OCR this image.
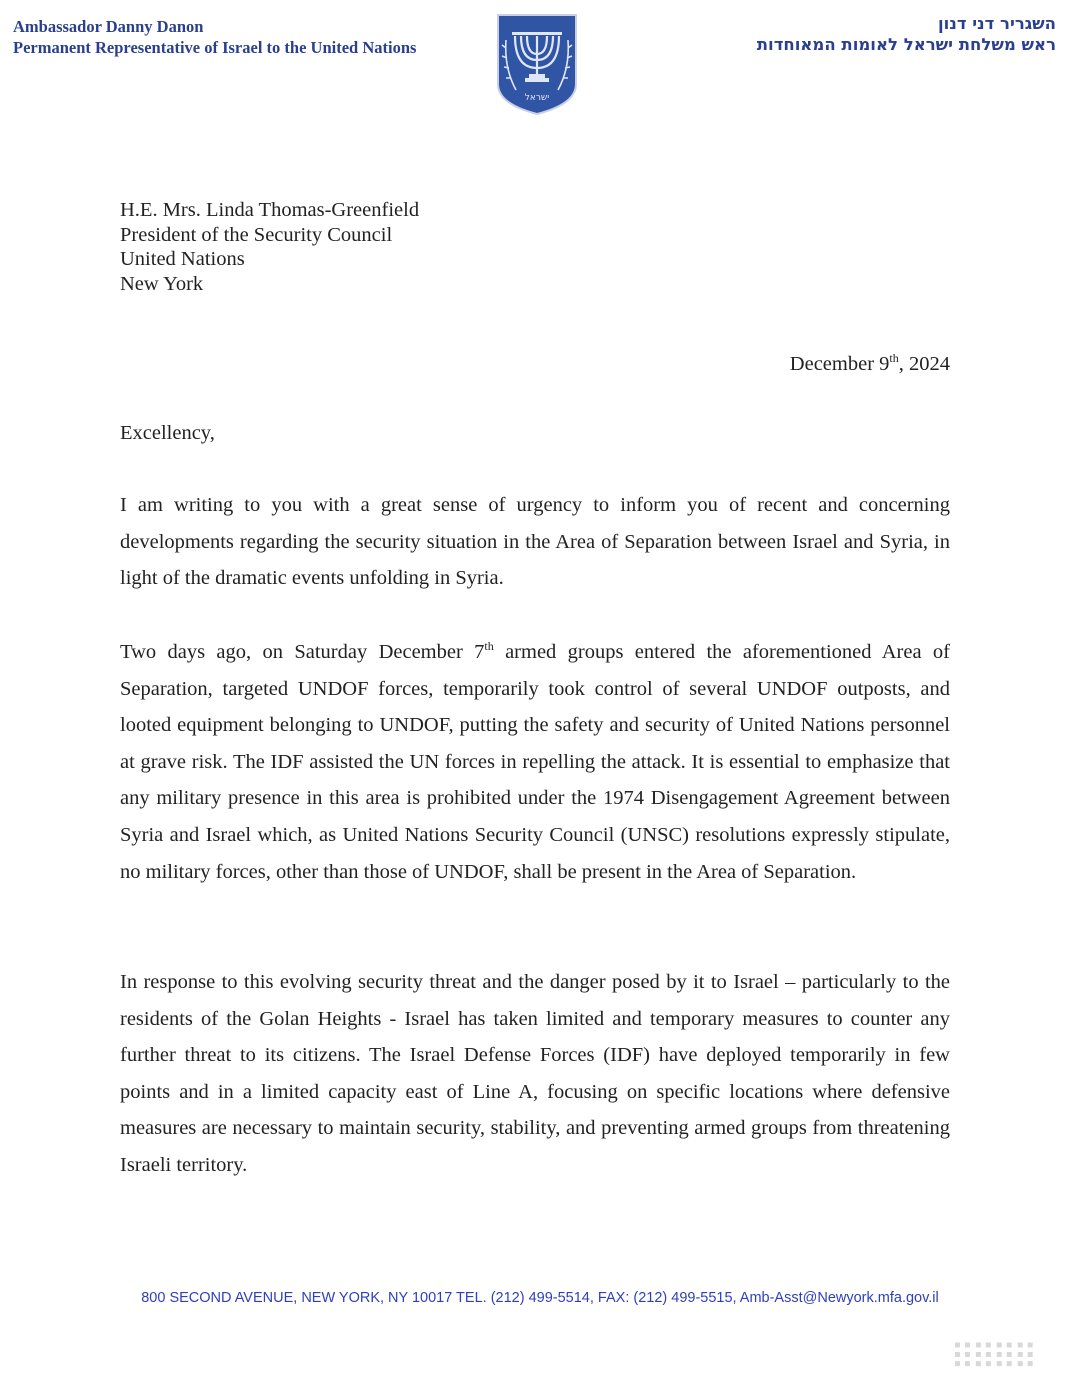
Ambassador Danny Danon
Permanent Representative of Israel to the United Nations
ישראל
השגריר דני דנון
ראש משלחת ישראל לאומות המאוחדות
H.E. Mrs. Linda Thomas-Greenfield
President of the Security Council
United Nations
New York
December 9th, 2024
Excellency,
I am writing to you with a great sense of urgency to inform you of recent and concerning developments regarding the security situation in the Area of Separation between Israel and Syria, in light of the dramatic events unfolding in Syria.
Two days ago, on Saturday December 7th armed groups entered the aforementioned Area of Separation, targeted UNDOF forces, temporarily took control of several UNDOF outposts, and looted equipment belonging to UNDOF, putting the safety and security of United Nations personnel at grave risk. The IDF assisted the UN forces in repelling the attack. It is essential to emphasize that any military presence in this area is prohibited under the 1974 Disengagement Agreement between Syria and Israel which, as United Nations Security Council (UNSC) resolutions expressly stipulate, no military forces, other than those of UNDOF, shall be present in the Area of Separation.
In response to this evolving security threat and the danger posed by it to Israel – particularly to the residents of the Golan Heights - Israel has taken limited and temporary measures to counter any further threat to its citizens. The Israel Defense Forces (IDF) have deployed temporarily in few points and in a limited capacity east of Line A, focusing on specific locations where defensive measures are necessary to maintain security, stability, and preventing armed groups from threatening Israeli territory.
800 SECOND AVENUE, NEW YORK, NY 10017 TEL. (212) 499-5514, FAX: (212) 499-5515, Amb-Asst@Newyork.mfa.gov.il
⠿⠿⠿⠿
